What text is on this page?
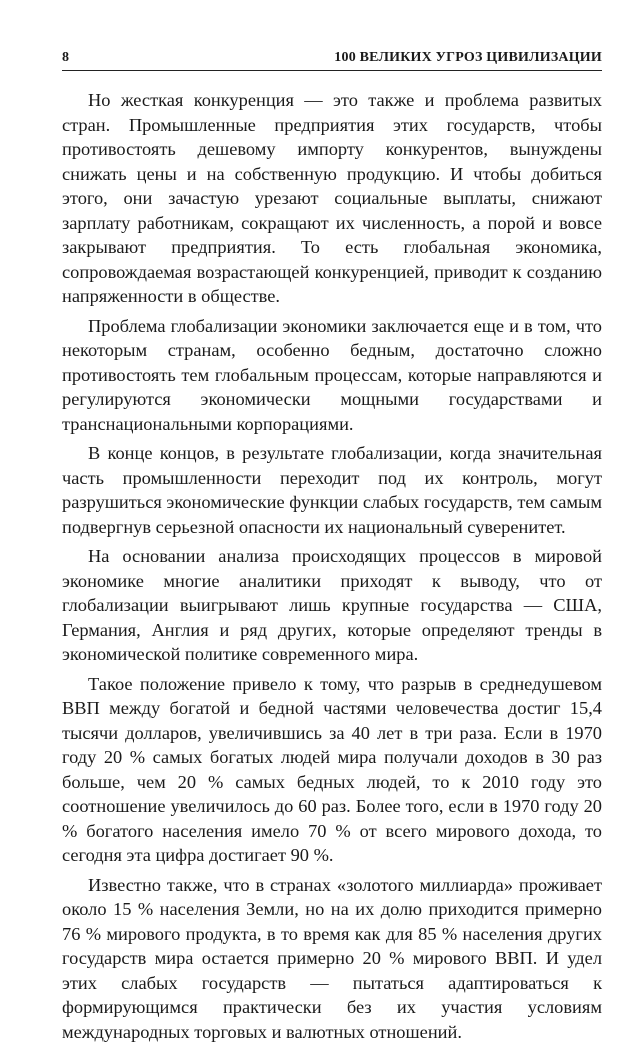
8	100 ВЕЛИКИХ УГРОЗ ЦИВИЛИЗАЦИИ

Но жесткая конкуренция — это также и проблема развитых стран. Промышленные предприятия этих государств, чтобы противостоять дешевому импорту конкурентов, вынуждены снижать цены и на собственную продукцию. И чтобы добиться этого, они зачастую урезают социальные выплаты, снижают зарплату работникам, сокращают их численность, а порой и вовсе закрывают предприятия. То есть глобальная экономика, сопровождаемая возрастающей конкуренцией, приводит к созданию напряженности в обществе.

Проблема глобализации экономики заключается еще и в том, что некоторым странам, особенно бедным, достаточно сложно противостоять тем глобальным процессам, которые направляются и регулируются экономически мощными государствами и транснациональными корпорациями.

В конце концов, в результате глобализации, когда значительная часть промышленности переходит под их контроль, могут разрушиться экономические функции слабых государств, тем самым подвергнув серьезной опасности их национальный суверенитет.

На основании анализа происходящих процессов в мировой экономике многие аналитики приходят к выводу, что от глобализации выигрывают лишь крупные государства — США, Германия, Англия и ряд других, которые определяют тренды в экономической политике современного мира.

Такое положение привело к тому, что разрыв в среднедушевом ВВП между богатой и бедной частями человечества достиг 15,4 тысячи долларов, увеличившись за 40 лет в три раза. Если в 1970 году 20 % самых богатых людей мира получали доходов в 30 раз больше, чем 20 % самых бедных людей, то к 2010 году это соотношение увеличилось до 60 раз. Более того, если в 1970 году 20 % богатого населения имело 70 % от всего мирового дохода, то сегодня эта цифра достигает 90 %.

Известно также, что в странах «золотого миллиарда» проживает около 15 % населения Земли, но на их долю приходится примерно 76 % мирового продукта, в то время как для 85 % населения других государств мира остается примерно 20 % мирового ВВП. И удел этих слабых государств — пытаться адаптироваться к формирующимся практически без их участия условиям международных торговых и валютных отношений.
